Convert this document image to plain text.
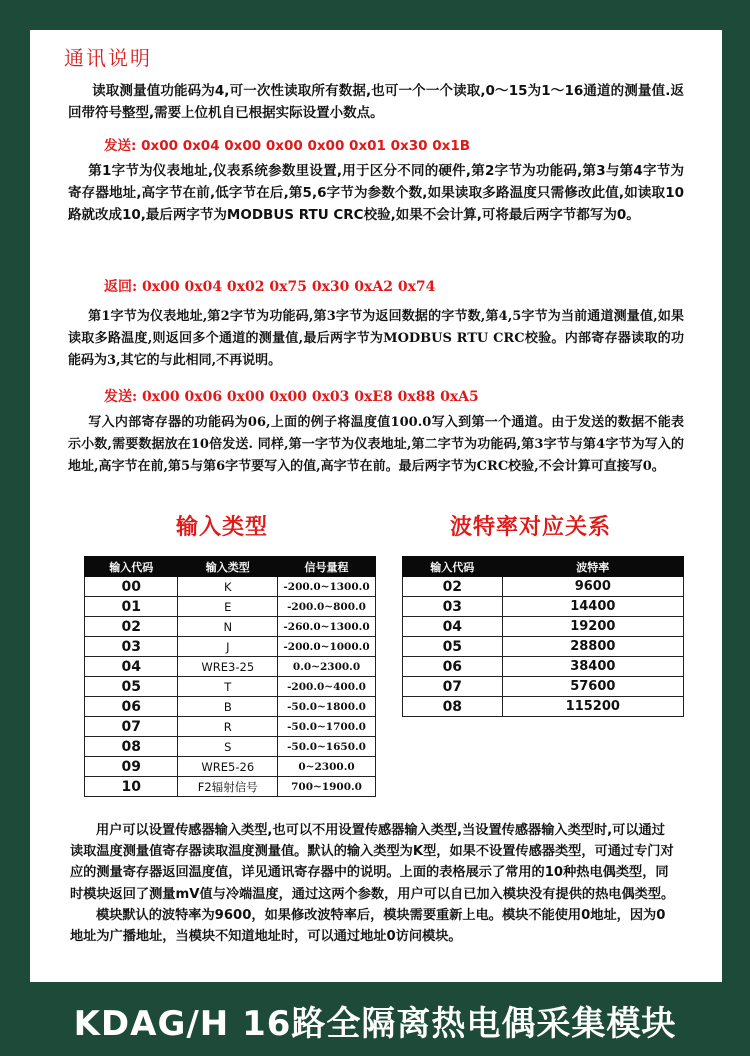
通讯说明
读取测量值功能码为4,可一次性读取所有数据,也可一个一个读取,0～15为1～16通道的测量值.返回带符号整型,需要上位机自已根据实际设置小数点。
发送: 0x00 0x04 0x00 0x00 0x00 0x01 0x30 0x1B
第1字节为仪表地址,仪表系统参数里设置,用于区分不同的硬件,第2字节为功能码,第3与第4字节为寄存器地址,高字节在前,低字节在后,第5,6字节为参数个数,如果读取多路温度只需修改此值,如读取10路就改成10,最后两字节为MODBUS RTU CRC校验,如果不会计算,可将最后两字节都写为0。
返回: 0x00 0x04 0x02 0x75 0x30 0xA2 0x74
第1字节为仪表地址,第2字节为功能码,第3字节为返回数据的字节数,第4,5字节为当前通道测量值,如果读取多路温度,则返回多个通道的测量值,最后两字节为MODBUS RTU CRC校验。内部寄存器读取的功能码为3,其它的与此相同,不再说明。
发送: 0x00 0x06 0x00 0x00 0x03 0xE8 0x88 0xA5
写入内部寄存器的功能码为06,上面的例子将温度值100.0写入到第一个通道。由于发送的数据不能表示小数,需要数据放在10倍发送. 同样,第一字节为仪表地址,第二字节为功能码,第3字节与第4字节为写入的地址,高字节在前,第5与第6字节要写入的值,高字节在前。最后两字节为CRC校验,不会计算可直接写0。
输入类型	波特率对应关系
输入代码	输入类型	信号量程
00	K	-200.0~1300.0
01	E	-200.0~800.0
02	N	-260.0~1300.0
03	J	-200.0~1000.0
04	WRE3-25	0.0~2300.0
05	T	-200.0~400.0
06	B	-50.0~1800.0
07	R	-50.0~1700.0
08	S	-50.0~1650.0
09	WRE5-26	0~2300.0
10	F2辐射信号	700~1900.0
输入代码	波特率
02	9600
03	14400
04	19200
05	28800
06	38400
07	57600
08	115200

用户可以设置传感器输入类型,也可以不用设置传感器输入类型,当设置传感器输入类型时,可以通过读取温度测量值寄存器读取温度测量值。默认的输入类型为K型，如果不设置传感器类型，可通过专门对应的测量寄存器返回温度值，详见通讯寄存器中的说明。上面的表格展示了常用的10种热电偶类型，同时模块返回了测量mV值与冷端温度，通过这两个参数，用户可以自已加入模块没有提供的热电偶类型。

模块默认的波特率为9600，如果修改波特率后，模块需要重新上电。模块不能使用0地址，因为0地址为广播地址，当模块不知道地址时，可以通过地址0访问模块。

KDAG/H 16路全隔离热电偶采集模块
